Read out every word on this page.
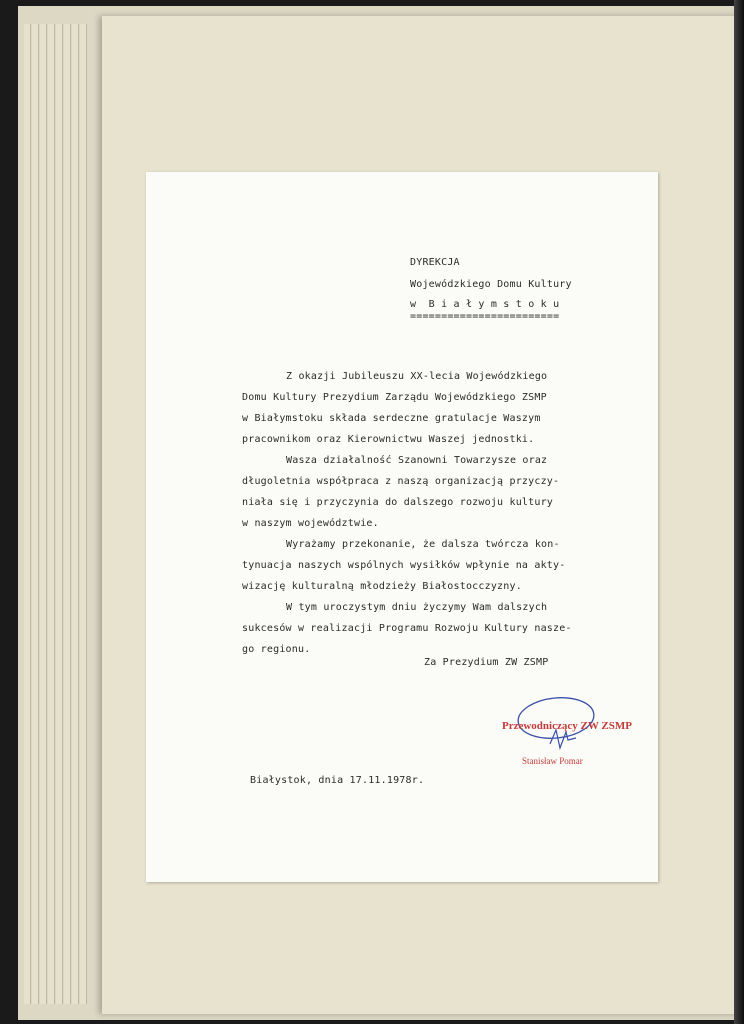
DYREKCJA
Wojewódzkiego Domu Kultury
w  B i a ł y m s t o k u
========================
Z okazji Jubileuszu XX-lecia Wojewódzkiego
Domu Kultury Prezydium Zarządu Wojewódzkiego ZSMP
w Białymstoku składa serdeczne gratulacje Waszym
pracownikom oraz Kierownictwu Waszej jednostki.
Wasza działalność Szanowni Towarzysze oraz
długoletnia współpraca z naszą organizacją przyczy-
niała się i przyczynia do dalszego rozwoju kultury
w naszym województwie.
Wyrażamy przekonanie, że dalsza twórcza kon-
tynuacja naszych wspólnych wysiłków wpłynie na akty-
wizację kulturalną młodzieży Białostocczyzny.
W tym uroczystym dniu życzymy Wam dalszych
sukcesów w realizacji Programu Rozwoju Kultury nasze-
go regionu.
Za Prezydium ZW ZSMP
Przewodniczący ZW ZSMP
Stanisław Pomar
Białystok, dnia 17.11.1978r.
